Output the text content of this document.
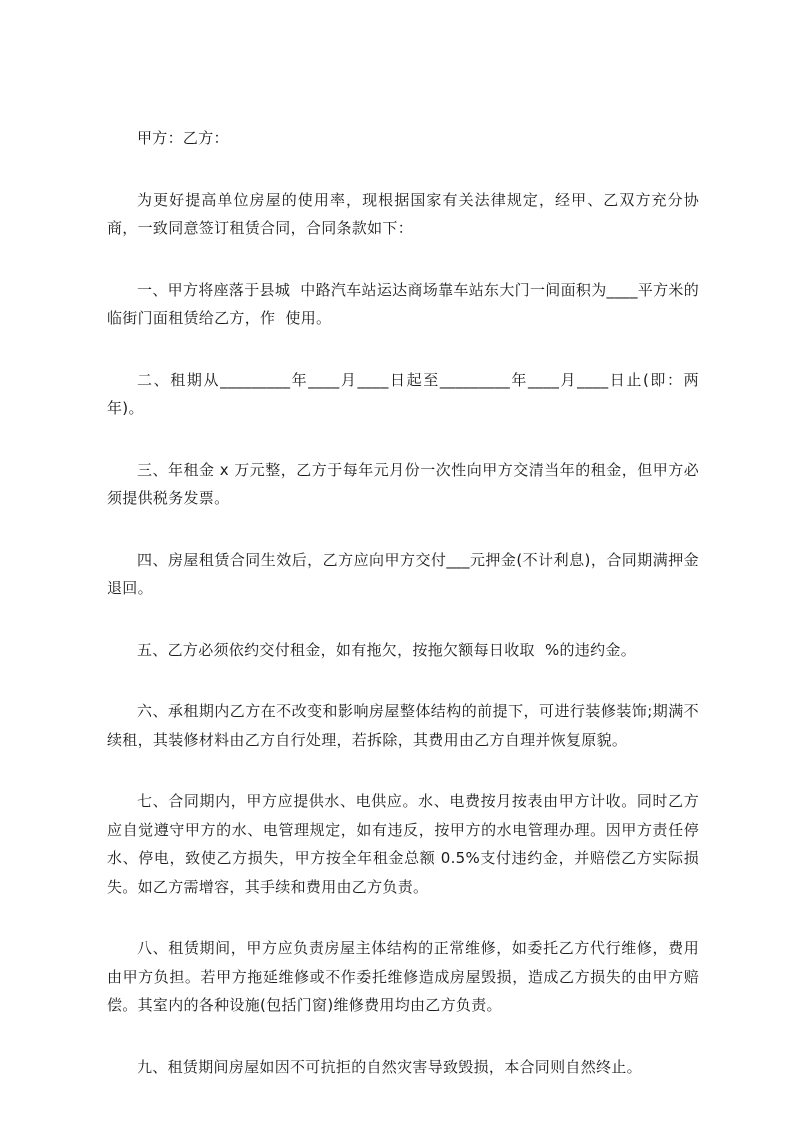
甲方：乙方：

为更好提高单位房屋的使用率，现根据国家有关法律规定，经甲、乙双方充分协商，一致同意签订租赁合同，合同条款如下：

一、甲方将座落于县城  中路汽车站运达商场靠车站东大门一间面积为____平方米的临街门面租赁给乙方，作  使用。

二、租期从_________年____月____日起至_________年____月____日止(即：两年)。

三、年租金 x 万元整，乙方于每年元月份一次性向甲方交清当年的租金，但甲方必须提供税务发票。

四、房屋租赁合同生效后，乙方应向甲方交付___元押金(不计利息)，合同期满押金退回。

五、乙方必须依约交付租金，如有拖欠，按拖欠额每日收取  %的违约金。

六、承租期内乙方在不改变和影响房屋整体结构的前提下，可进行装修装饰;期满不续租，其装修材料由乙方自行处理，若拆除，其费用由乙方自理并恢复原貌。

七、合同期内，甲方应提供水、电供应。水、电费按月按表由甲方计收。同时乙方应自觉遵守甲方的水、电管理规定，如有违反，按甲方的水电管理办理。因甲方责任停水、停电，致使乙方损失，甲方按全年租金总额 0.5%支付违约金，并赔偿乙方实际损失。如乙方需增容，其手续和费用由乙方负责。

八、租赁期间，甲方应负责房屋主体结构的正常维修，如委托乙方代行维修，费用由甲方负担。若甲方拖延维修或不作委托维修造成房屋毁损，造成乙方损失的由甲方赔偿。其室内的各种设施(包括门窗)维修费用均由乙方负责。

九、租赁期间房屋如因不可抗拒的自然灾害导致毁损，本合同则自然终止。
